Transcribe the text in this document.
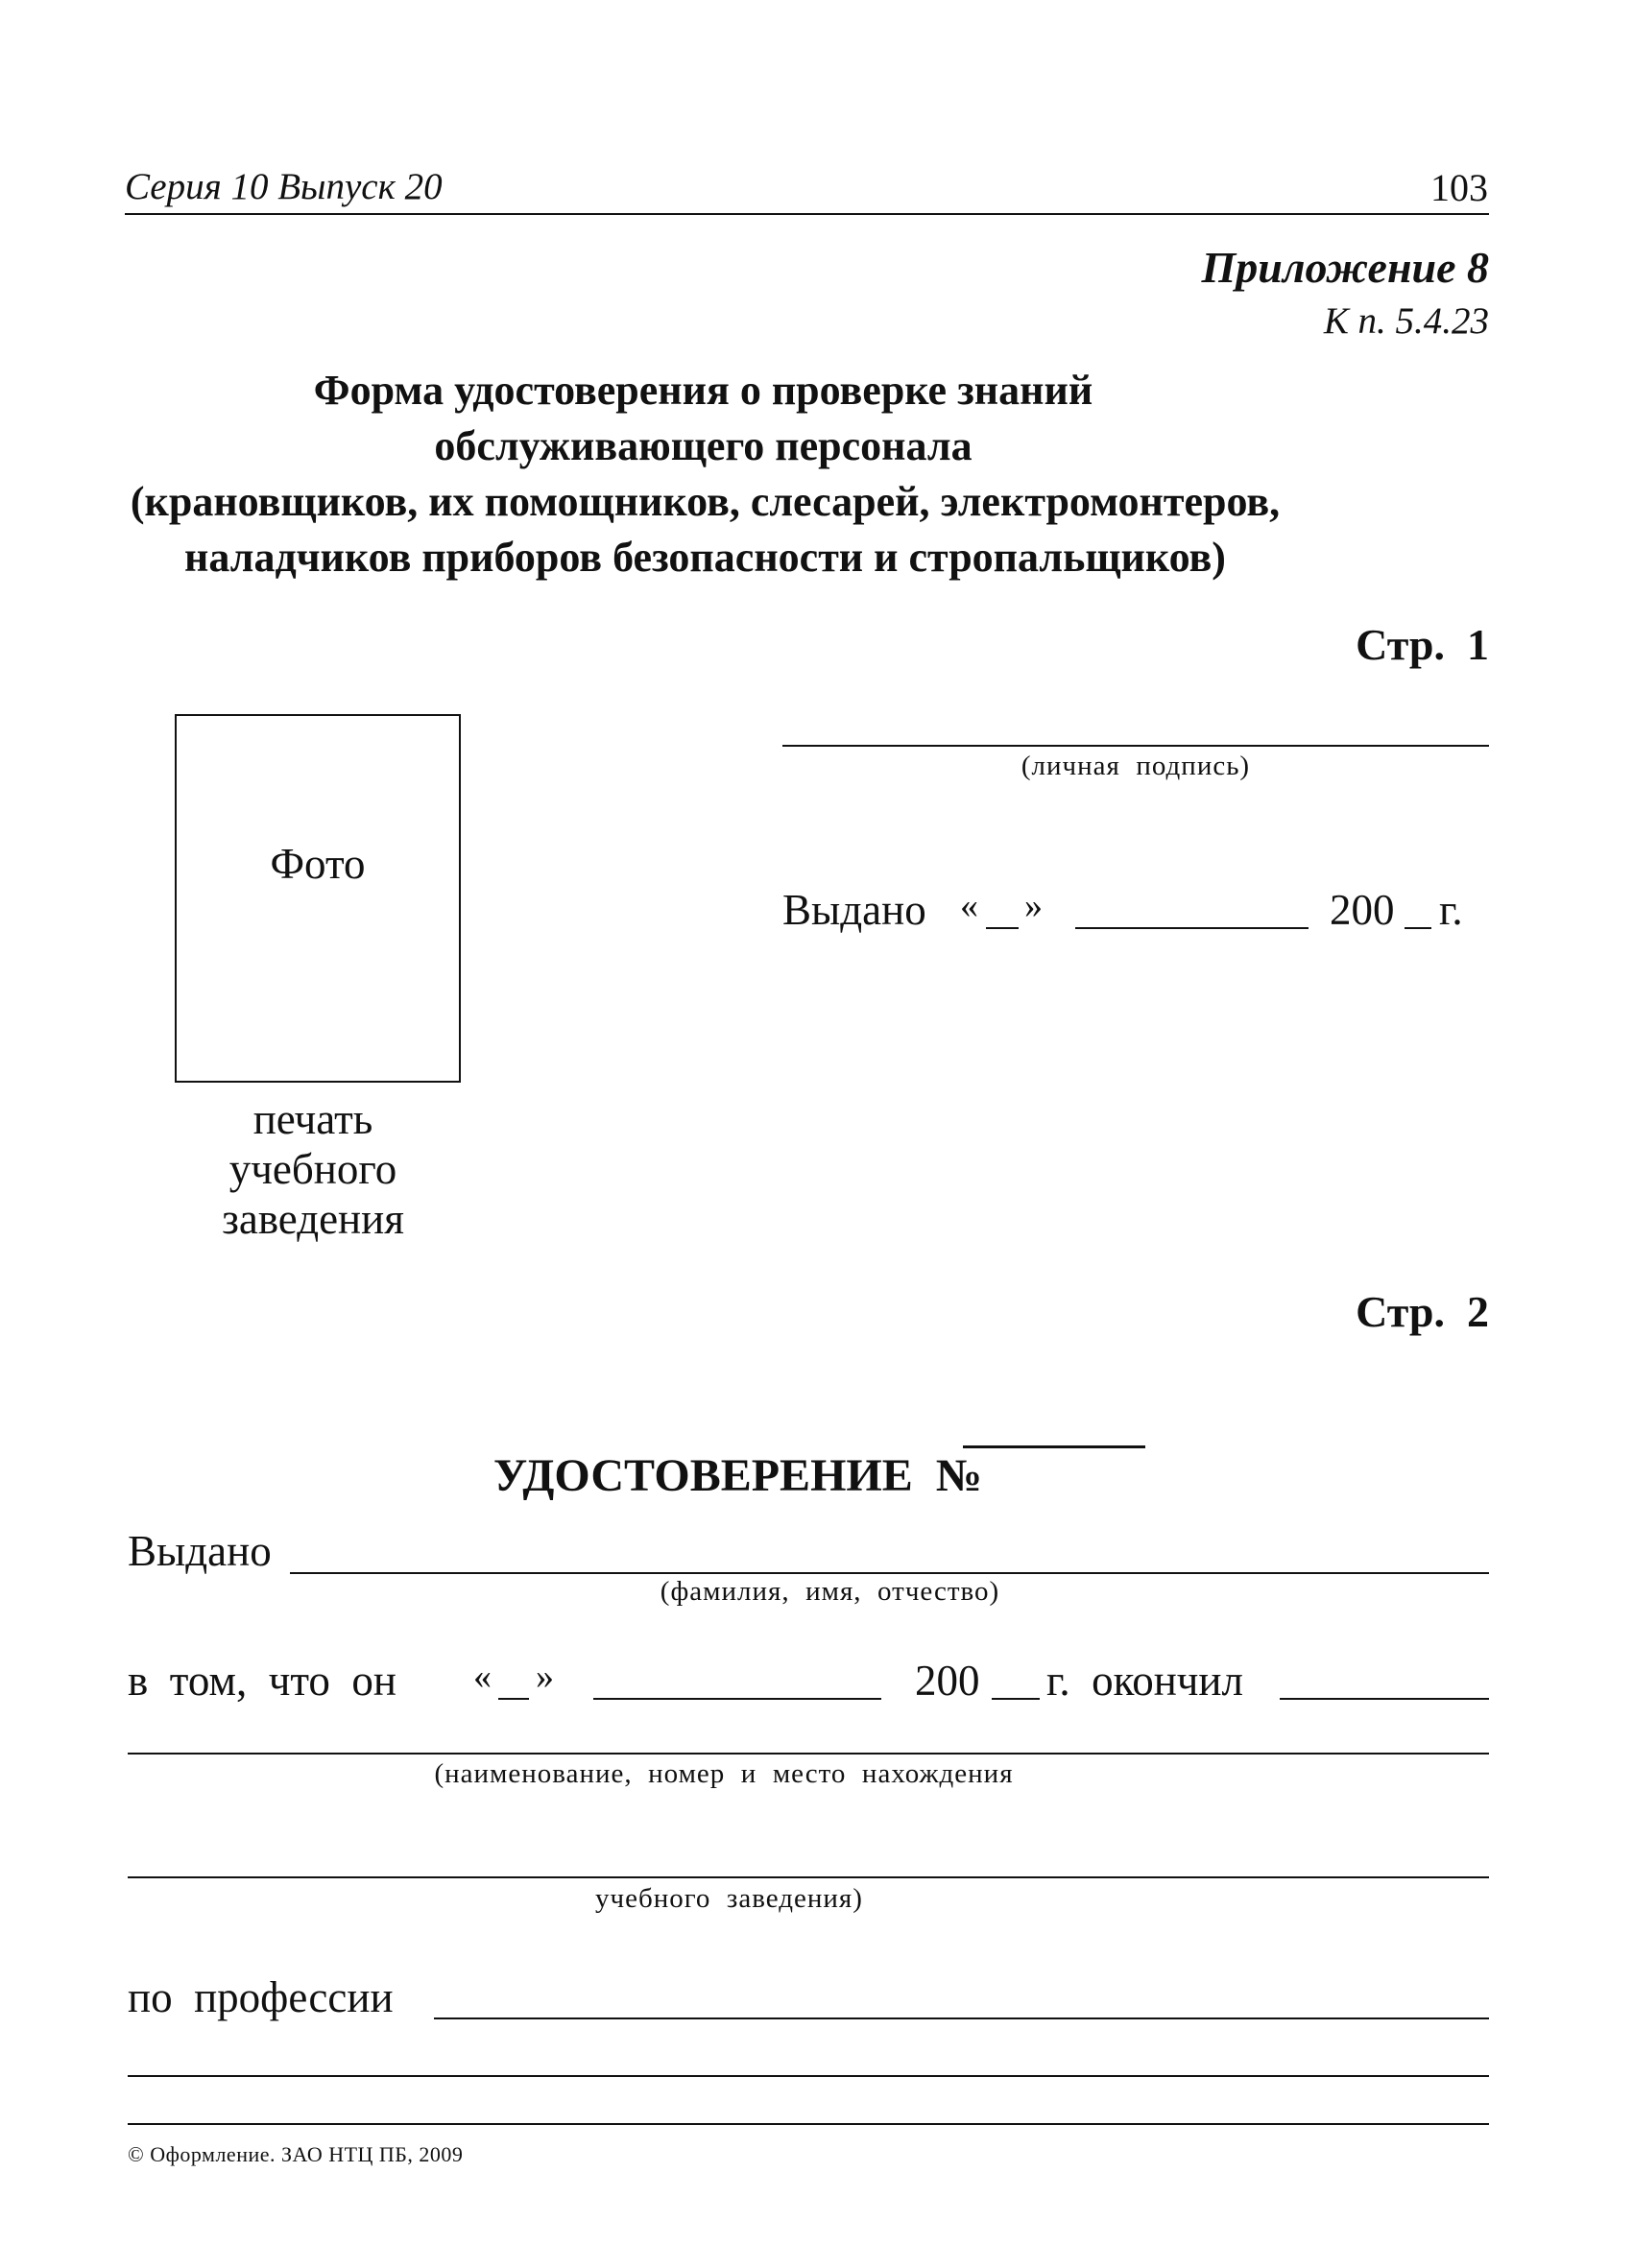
Серия 10 Выпуск 20	103
Приложение 8
К п. 5.4.23
Форма удостоверения о проверке знаний
обслуживающего персонала
(крановщиков, их помощников, слесарей, электромонтеров,
наладчиков приборов безопасности и стропальщиков)
Стр.  1
Фото
(личная  подпись)
Выдано « »	200 г.
печать
учебного
заведения
Стр.  2

УДОСТОВЕРЕНИЕ  №

Выдано
(фамилия,  имя,  отчество)
в  том,  что  он « »	200 г.  окончил
(наименование,  номер  и  место  нахождения
учебного  заведения)
по  профессии
© Оформление. ЗАО НТЦ ПБ, 2009
